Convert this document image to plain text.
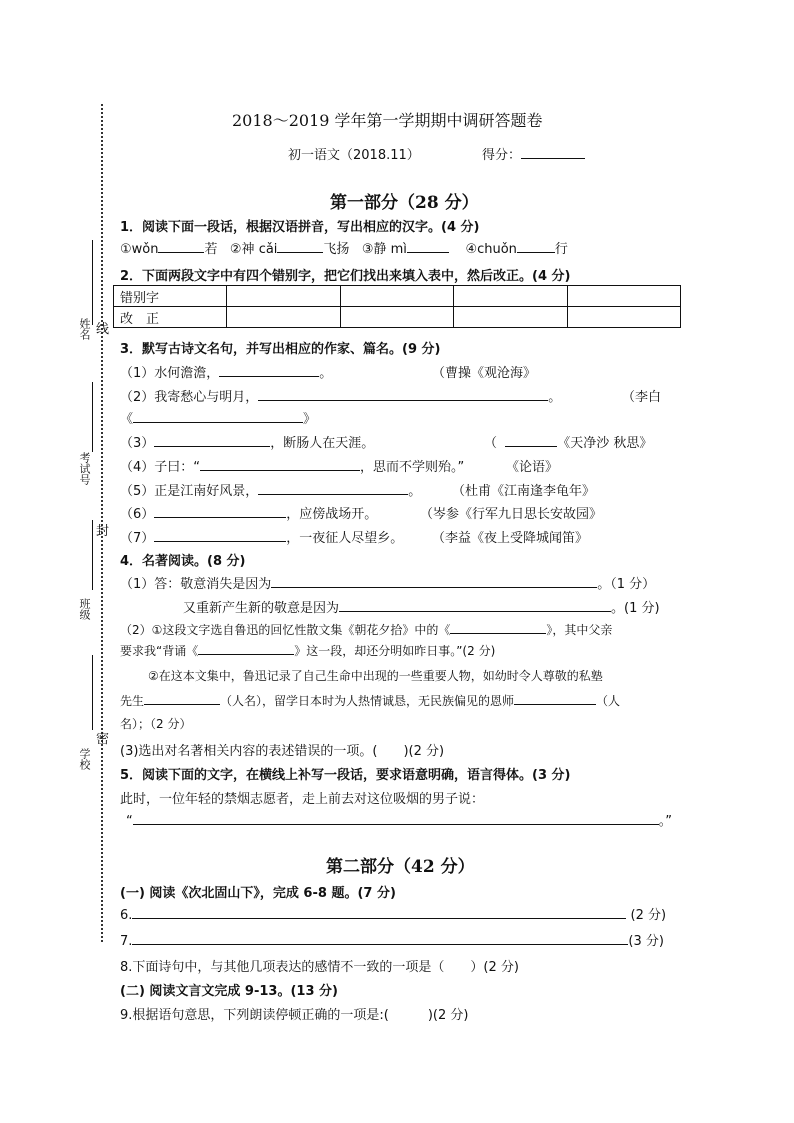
姓名 线
考试号
封
班级
密
学校
2018～2019 学年第一学期期中调研答题卷
初一语文（2018.11）	得分：
第一部分（28 分）
1．阅读下面一段话，根据汉语拼音，写出相应的汉字。(4 分)
①wǒn	若 ②神 cǎi	飞扬 ③静 mì	④chuǒn	行
2．下面两段文字中有四个错别字，把它们找出来填入表中，然后改正。(4 分)
错别字				
改　正				
3．默写古诗文名句，并写出相应的作家、篇名。(9 分)
（1）水何澹澹，	。	（曹操《观沧海》
（2）我寄愁心与明月，	。	（李白
《	》
（3）	，断肠人在天涯。	（	《天净沙 秋思》
（4）子曰：“	，思而不学则殆。”	《论语》
（5）正是江南好风景，	。 （杜甫《江南逢李龟年》
（6）	，应傍战场开。	（岑参《行军九日思长安故园》
（7）	，一夜征人尽望乡。 （李益《夜上受降城闻笛》
4．名著阅读。(8 分)
（1）答：敬意消失是因为	。（1 分）
又重新产生新的敬意是因为	。(1 分)
（2）①这段文字选自鲁迅的回忆性散文集《朝花夕拾》中的《	》，其中父亲
要求我“背诵《	》这一段，却还分明如昨日事。”(2 分)
②在这本文集中，鲁迅记录了自己生命中出现的一些重要人物，如幼时令人尊敬的私塾
先生	（人名），留学日本时为人热情诚恳，无民族偏见的恩师	（人
名）；（2 分）
(3)选出对名著相关内容的表述错误的一项。(　　)(2 分)
5．阅读下面的文字，在横线上补写一段话，要求语意明确，语言得体。(3 分)
此时，一位年轻的禁烟志愿者，走上前去对这位吸烟的男子说：
“	。”
第二部分（42 分）
(一) 阅读《次北固山下》，完成 6-8 题。(7 分)
6.	(2 分)
7.	(3 分)
8.下面诗句中，与其他几项表达的感情不一致的一项是（　　）(2 分)
(二) 阅读文言文完成 9-13。(13 分)
9.根据语句意思，下列朗读停顿正确的一项是:(　　　)(2 分)
